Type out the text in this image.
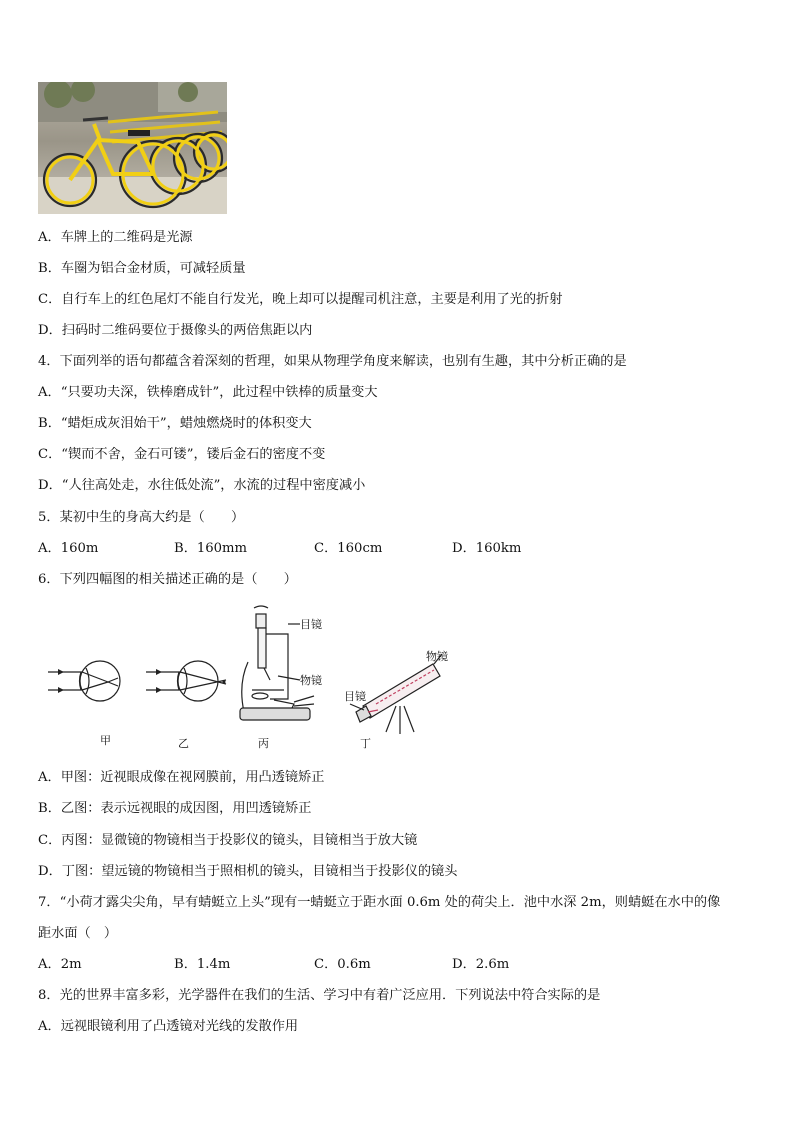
A．车牌上的二维码是光源
B．车圈为铝合金材质，可减轻质量
C．自行车上的红色尾灯不能自行发光，晚上却可以提醒司机注意，主要是利用了光的折射
D．扫码时二维码要位于摄像头的两倍焦距以内
4．下面列举的语句都蕴含着深刻的哲理，如果从物理学角度来解读，也别有生趣，其中分析正确的是
A．“只要功夫深，铁棒磨成针”，此过程中铁棒的质量变大
B．“蜡炬成灰泪始干”，蜡烛燃烧时的体积变大
C．“锲而不舍，金石可镂”，镂后金石的密度不变
D．“人往高处走，水往低处流”，水流的过程中密度减小
5．某初中生的身高大约是（　　）
A．160m	B．160mm	C．160cm	D．160km
6．下列四幅图的相关描述正确的是（　　）
目镜
物镜
物镜
目镜
甲	乙	丙	丁
A．甲图：近视眼成像在视网膜前，用凸透镜矫正
B．乙图：表示远视眼的成因图，用凹透镜矫正
C．丙图：显微镜的物镜相当于投影仪的镜头，目镜相当于放大镜
D．丁图：望远镜的物镜相当于照相机的镜头，目镜相当于投影仪的镜头
7．“小荷才露尖尖角，早有蜻蜓立上头”现有一蜻蜓立于距水面 0.6m 处的荷尖上．池中水深 2m，则蜻蜓在水中的像
距水面（　）
A．2m	B．1.4m	C．0.6m	D．2.6m
8．光的世界丰富多彩，光学器件在我们的生活、学习中有着广泛应用．下列说法中符合实际的是
A．远视眼镜利用了凸透镜对光线的发散作用
